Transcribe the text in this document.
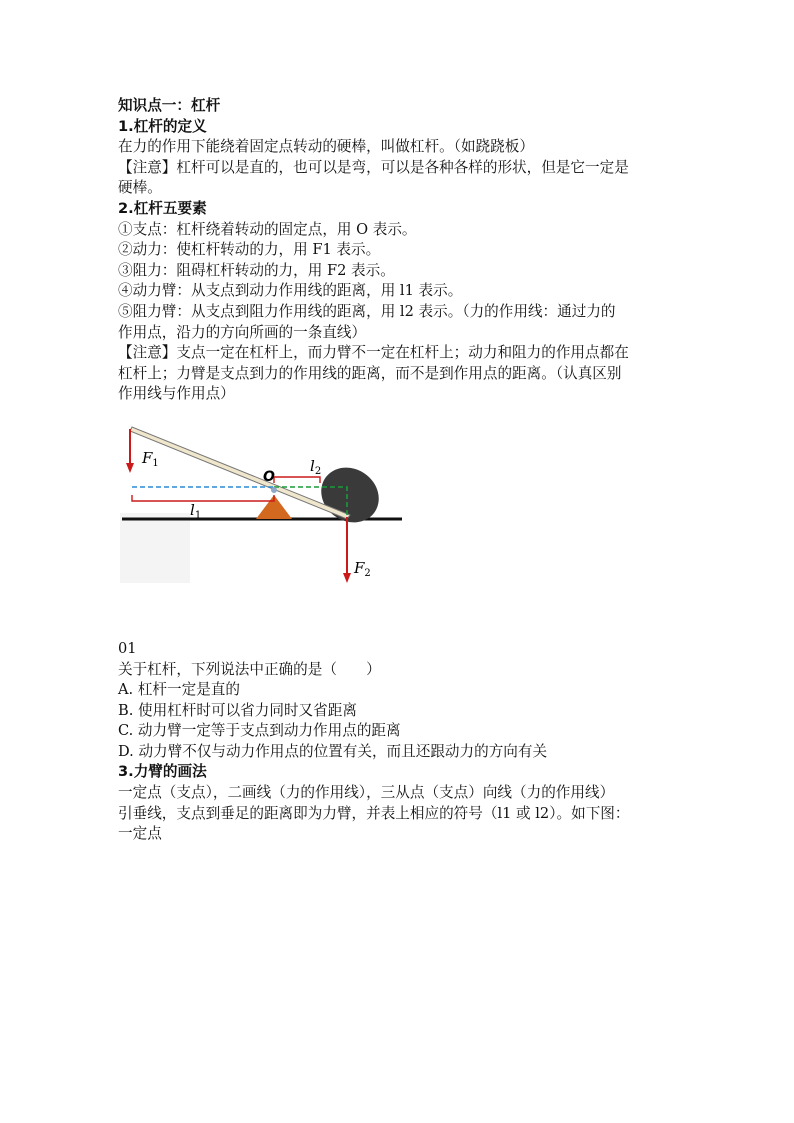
知识点一：杠杆

1.杠杆的定义

在力的作用下能绕着固定点转动的硬棒，叫做杠杆。（如跷跷板）

【注意】杠杆可以是直的，也可以是弯，可以是各种各样的形状，但是它一定是

硬棒。

2.杠杆五要素

①支点：杠杆绕着转动的固定点，用 O 表示。

②动力：使杠杆转动的力，用 F1 表示。

③阻力：阻碍杠杆转动的力，用 F2 表示。

④动力臂：从支点到动力作用线的距离，用 l1 表示。

⑤阻力臂：从支点到阻力作用线的距离，用 l2 表示。（力的作用线：通过力的

作用点，沿力的方向所画的一条直线）

【注意】支点一定在杠杆上，而力臂不一定在杠杆上；动力和阻力的作用点都在

杠杆上；力臂是支点到力的作用线的距离，而不是到作用点的距离。（认真区别

作用线与作用点）

$F_1$
$F_2$
$l_1$
$l_2$
O

01

关于杠杆，下列说法中正确的是（　　）

A. 杠杆一定是直的

B. 使用杠杆时可以省力同时又省距离

C. 动力臂一定等于支点到动力作用点的距离

D. 动力臂不仅与动力作用点的位置有关，而且还跟动力的方向有关

3.力臂的画法

一定点（支点），二画线（力的作用线），三从点（支点）向线（力的作用线）

引垂线，支点到垂足的距离即为力臂，并表上相应的符号（l1 或 l2）。如下图：

一定点
